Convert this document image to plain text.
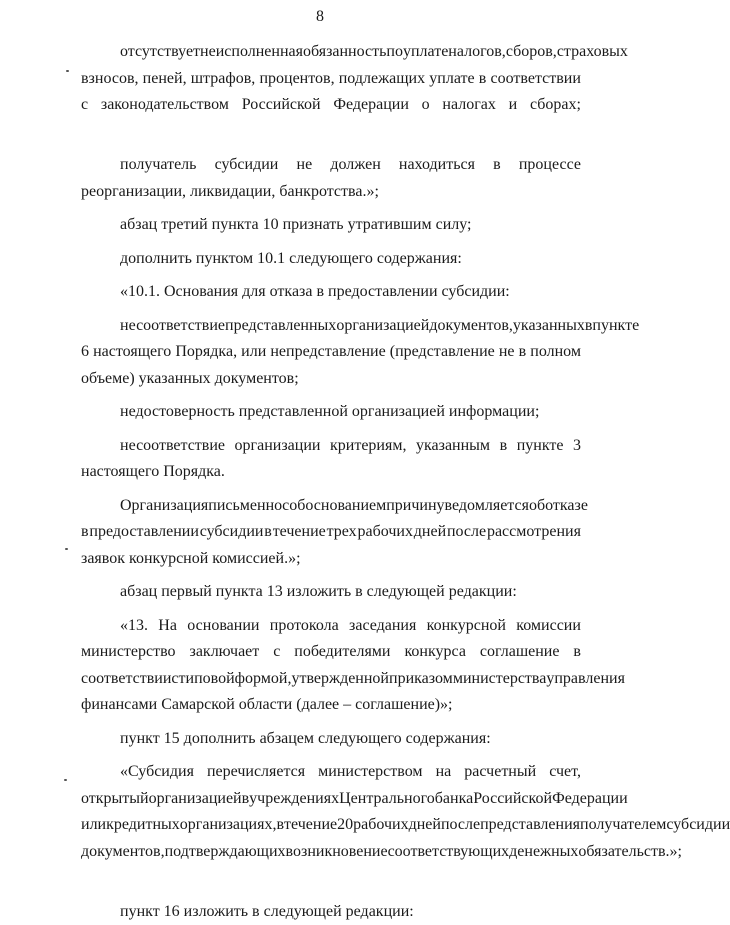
8
отсутствует неисполненная обязанность по уплате налогов, сборов, страховых
взносов, пеней, штрафов, процентов, подлежащих уплате в соответствии
с законодательством Российской Федерации о налогах и сборах;
получатель субсидии не должен находиться в процессе
реорганизации, ликвидации, банкротства.»;
абзац третий пункта 10 признать утратившим силу;
дополнить пунктом 10.1 следующего содержания:
«10.1. Основания для отказа в предоставлении субсидии:
несоответствие представленных организацией документов, указанных в пункте
6 настоящего Порядка, или непредставление (представление не в полном
объеме) указанных документов;
недостоверность представленной организацией информации;
несоответствие организации критериям, указанным в пункте 3
настоящего Порядка.
Организация письменно с обоснованием причин уведомляется об отказе
в предоставлении субсидии в течение трех рабочих дней после рассмотрения
заявок конкурсной комиссией.»;
абзац первый пункта 13 изложить в следующей редакции:
«13. На основании протокола заседания конкурсной комиссии
министерство заключает с победителями конкурса соглашение в
соответствии с типовой формой, утвержденной приказом министерства управления
финансами Самарской области (далее – соглашение)»;
пункт 15 дополнить абзацем следующего содержания:
«Субсидия перечисляется министерством на расчетный счет,
открытый организацией в учреждениях Центрального банка Российской Федерации
или кредитных организациях, в течение 20 рабочих дней после представления получателем субсидии
документов, подтверждающих возникновение соответствующих денежных обязательств.»;
пункт 16 изложить в следующей редакции:
